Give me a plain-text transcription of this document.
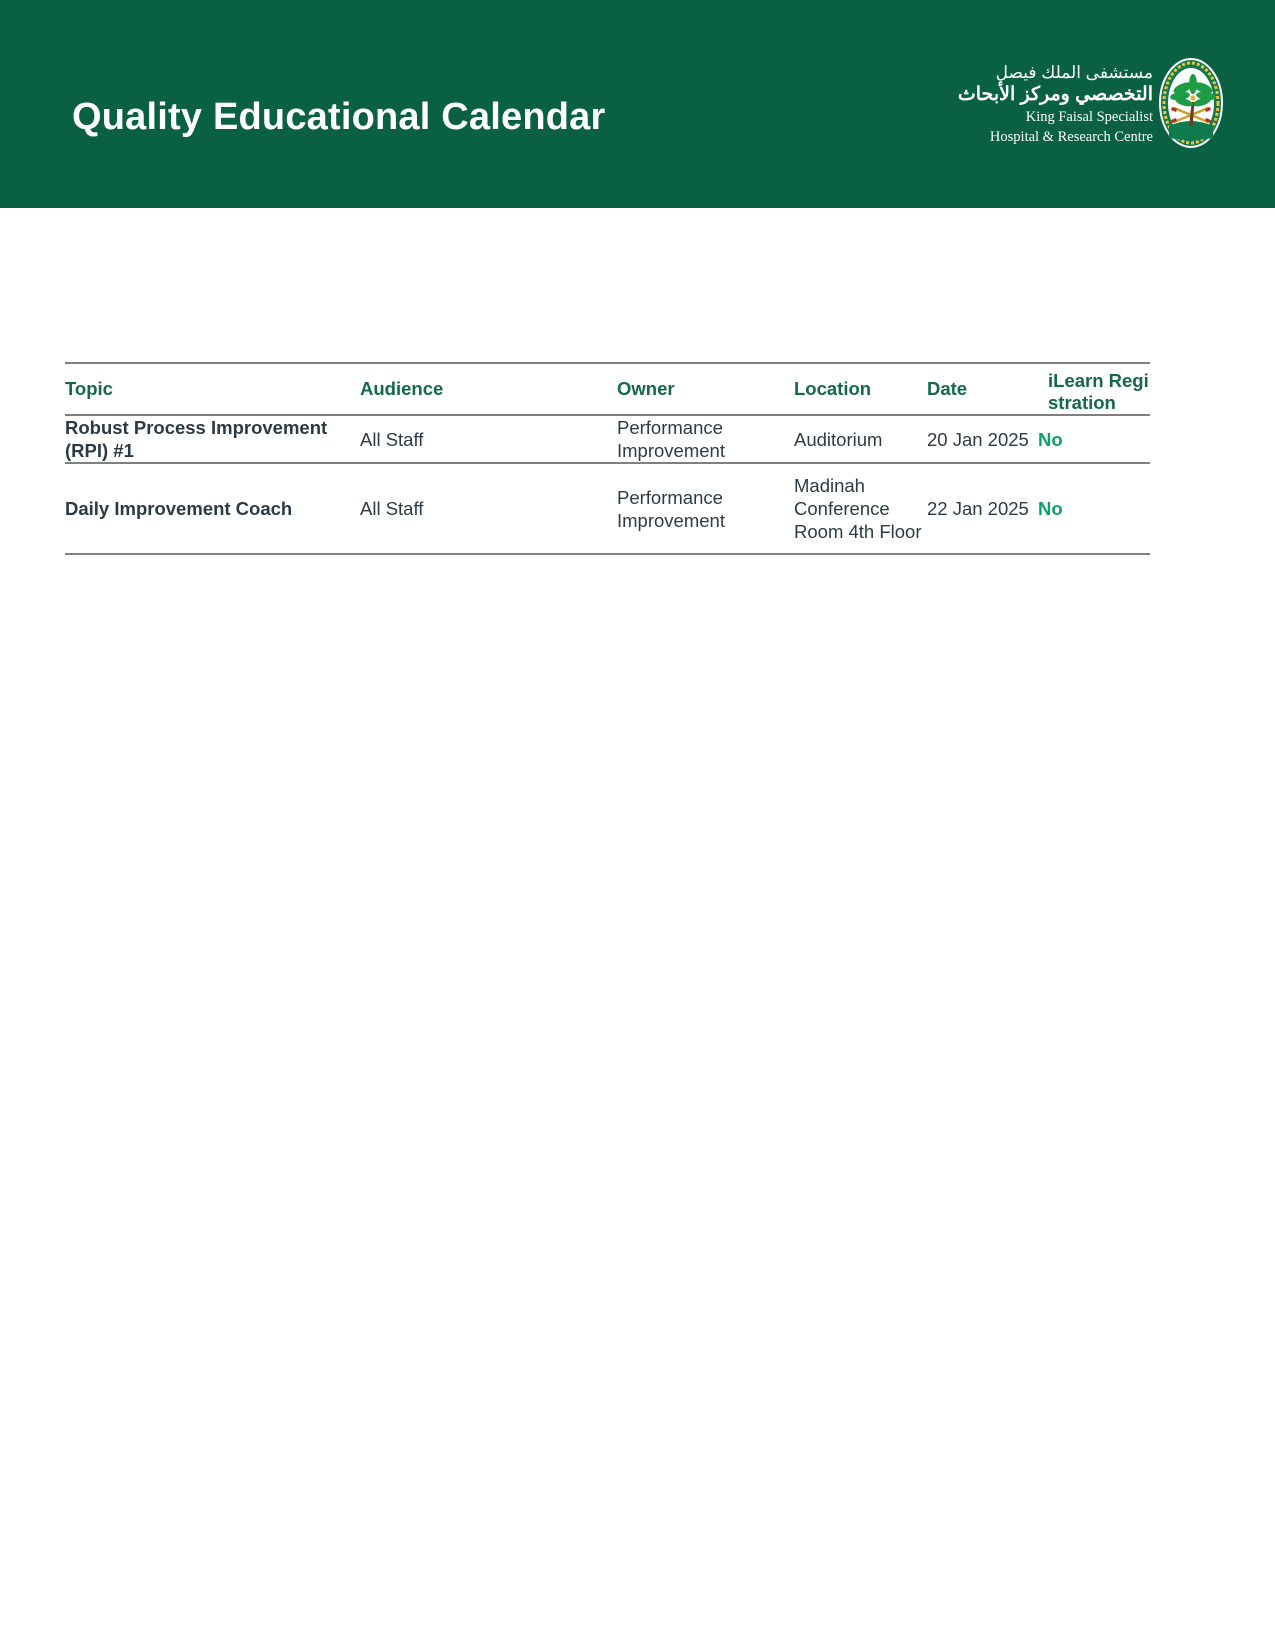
Quality Educational Calendar
مستشفى الملك فيصل
التخصصي ومركز الأبحاث
King Faisal Specialist
Hospital & Research Centre

Topic	Audience	Owner	Location	Date	iLearn Registration
Robust Process Improvement (RPI) #1	All Staff	Performance Improvement	Auditorium	20 Jan 2025	No
Daily Improvement Coach	All Staff	Performance Improvement	Madinah Conference Room 4th Floor	22 Jan 2025	No
